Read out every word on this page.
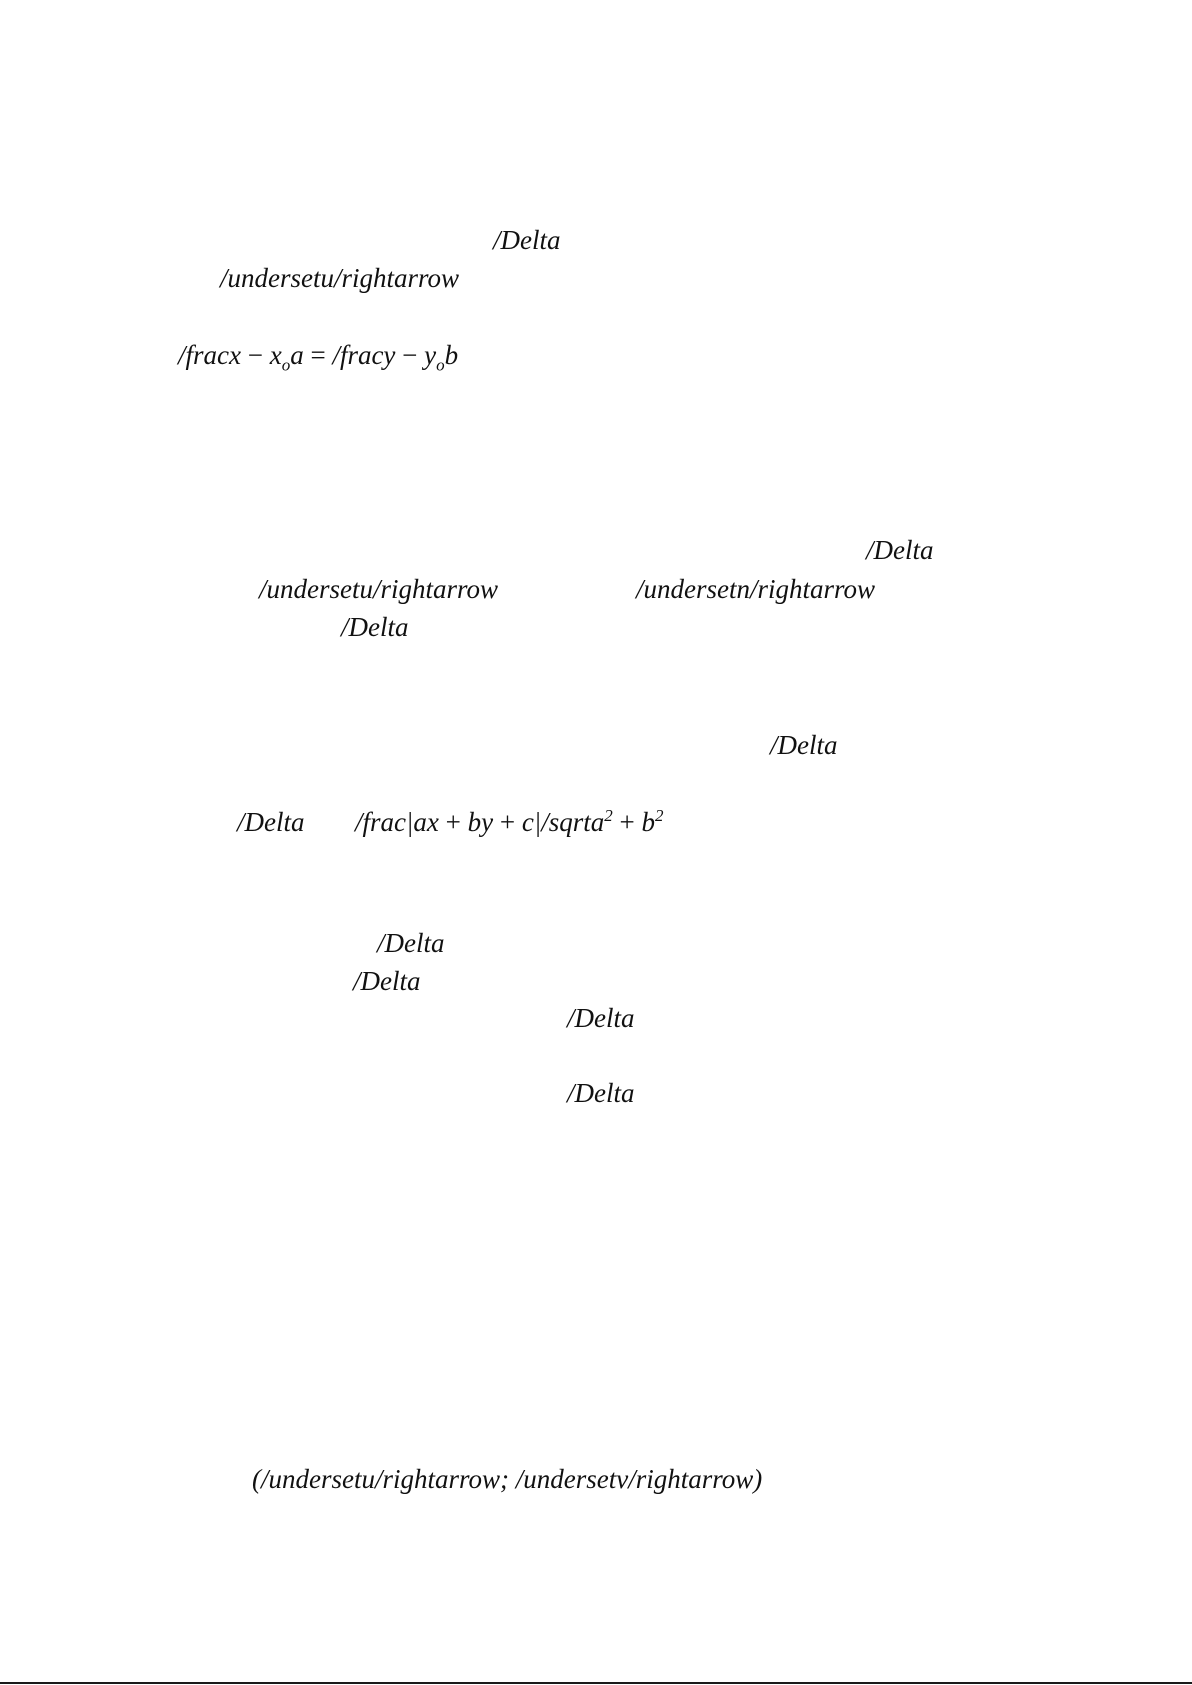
/Delta
/undersetu/rightarrow
/fracx − $x_oa$ = /fracy − $y_ob$
/Delta
/undersetu/rightarrow	/undersetn/rightarrow
/Delta
/Delta
/Delta /frac|ax + by + c|/sqrta$^2$ + $b^2$
/Delta
/Delta
/Delta
/Delta
(/undersetu/rightarrow; /undersetv/rightarrow)
